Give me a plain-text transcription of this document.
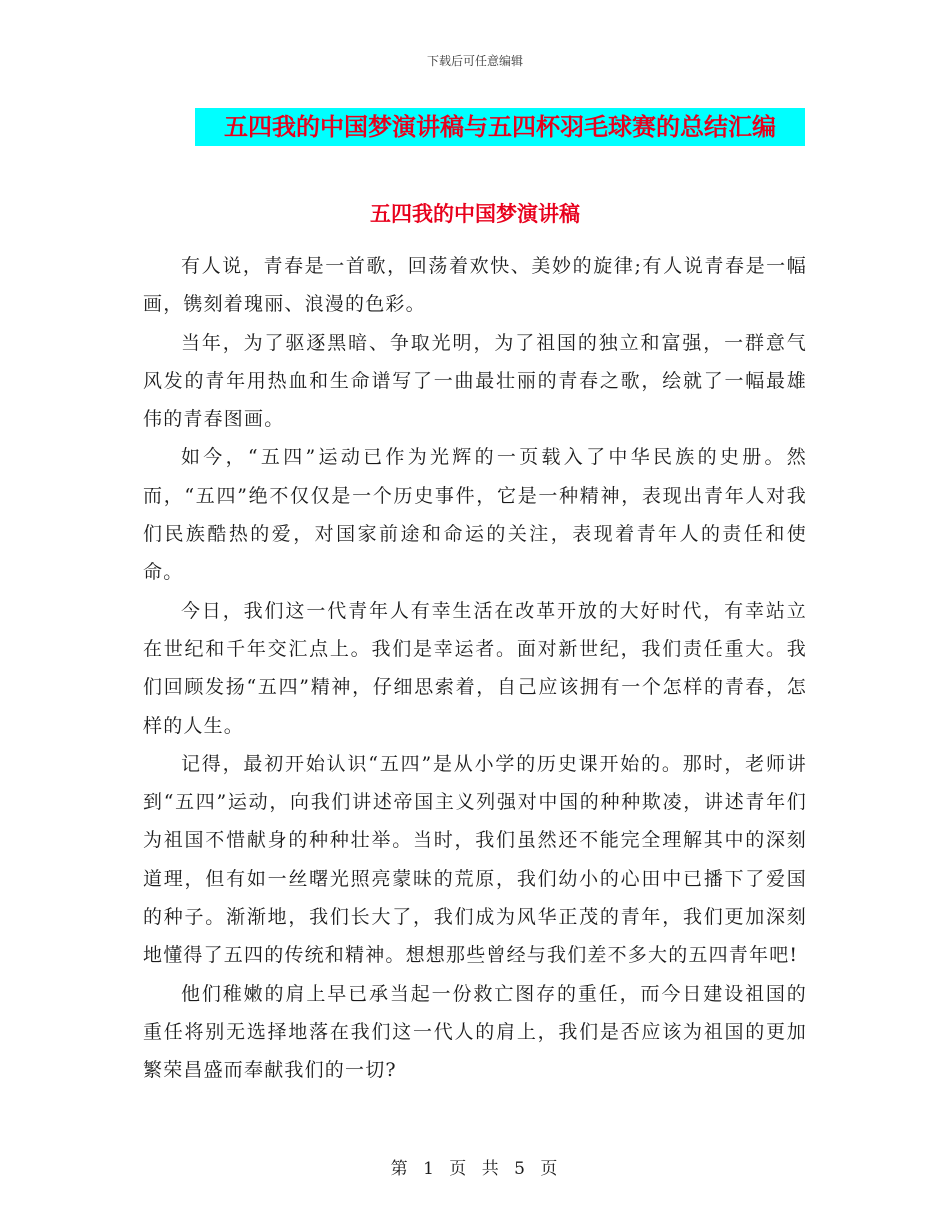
下载后可任意编辑
五四我的中国梦演讲稿与五四杯羽毛球赛的总结汇编
五四我的中国梦演讲稿

有人说，青春是一首歌，回荡着欢快、美妙的旋律;有人说青春是一幅画，镌刻着瑰丽、浪漫的色彩。

当年，为了驱逐黑暗、争取光明，为了祖国的独立和富强，一群意气风发的青年用热血和生命谱写了一曲最壮丽的青春之歌，绘就了一幅最雄伟的青春图画。

如今，“五四”运动已作为光辉的一页载入了中华民族的史册。然而，“五四”绝不仅仅是一个历史事件，它是一种精神，表现出青年人对我们民族酷热的爱，对国家前途和命运的关注，表现着青年人的责任和使命。

今日，我们这一代青年人有幸生活在改革开放的大好时代，有幸站立在世纪和千年交汇点上。我们是幸运者。面对新世纪，我们责任重大。我们回顾发扬“五四”精神，仔细思索着，自己应该拥有一个怎样的青春，怎样的人生。

记得，最初开始认识“五四”是从小学的历史课开始的。那时，老师讲到“五四”运动，向我们讲述帝国主义列强对中国的种种欺凌，讲述青年们为祖国不惜献身的种种壮举。当时，我们虽然还不能完全理解其中的深刻道理，但有如一丝曙光照亮蒙昧的荒原，我们幼小的心田中已播下了爱国的种子。渐渐地，我们长大了，我们成为风华正茂的青年，我们更加深刻地懂得了五四的传统和精神。想想那些曾经与我们差不多大的五四青年吧!

他们稚嫩的肩上早已承当起一份救亡图存的重任，而今日建设祖国的重任将别无选择地落在我们这一代人的肩上，我们是否应该为祖国的更加繁荣昌盛而奉献我们的一切?

第 1 页 共 5 页
